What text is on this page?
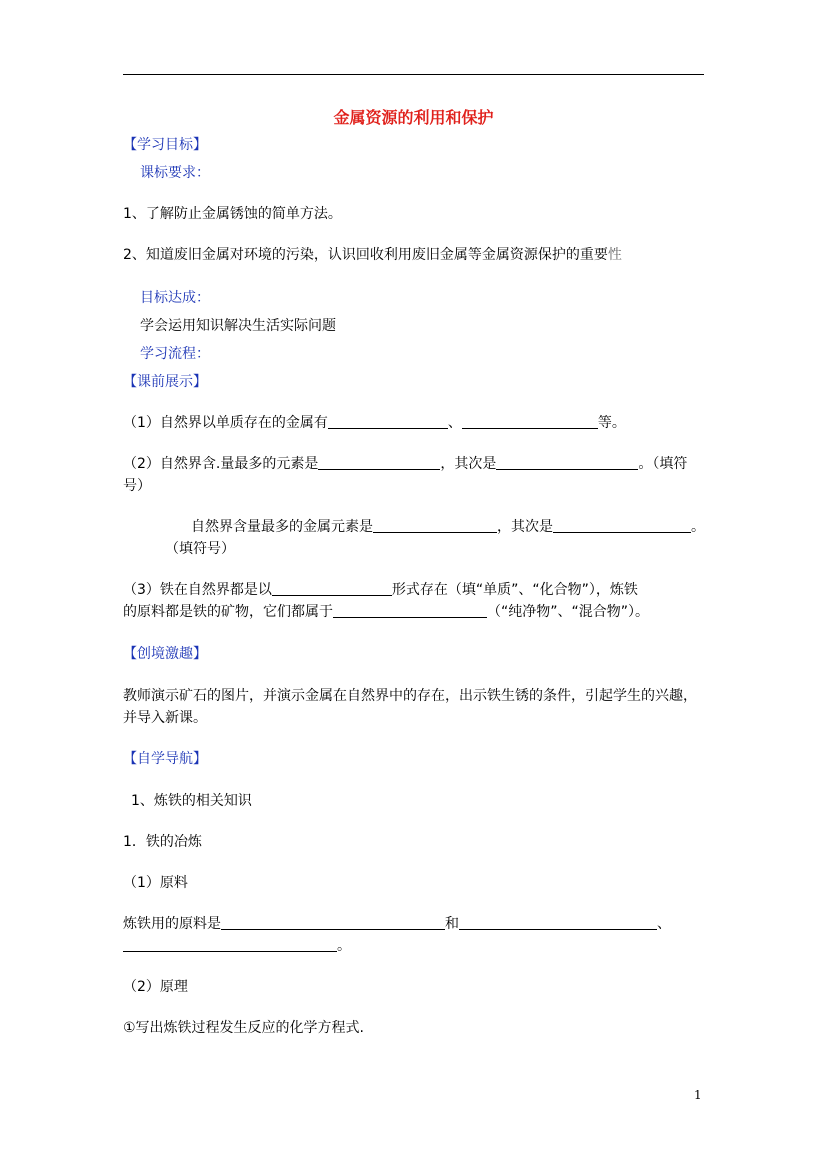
金属资源的利用和保护
【学习目标】
课标要求：
1、了解防止金属锈蚀的简单方法。
2、知道废旧金属对环境的污染，认识回收利用废旧金属等金属资源保护的重要性
目标达成：
学会运用知识解决生活实际问题
学习流程：
【课前展示】
（1）自然界以单质存在的金属有	、	等。
（2）自然界含.量最多的元素是	，其次是	。（填符
号）
自然界含量最多的金属元素是	，其次是	。
（填符号）
（3）铁在自然界都是以	形式存在（填“单质”、“化合物”），炼铁
的原料都是铁的矿物，它们都属于	（“纯净物”、“混合物”）。
【创境激趣】
教师演示矿石的图片，并演示金属在自然界中的存在，出示铁生锈的条件，引起学生的兴趣，
并导入新课。
【自学导航】
1、炼铁的相关知识
1．铁的冶炼
（1）原料
炼铁用的原料是	和	、
。
（2）原理
①写出炼铁过程发生反应的化学方程式.
1
